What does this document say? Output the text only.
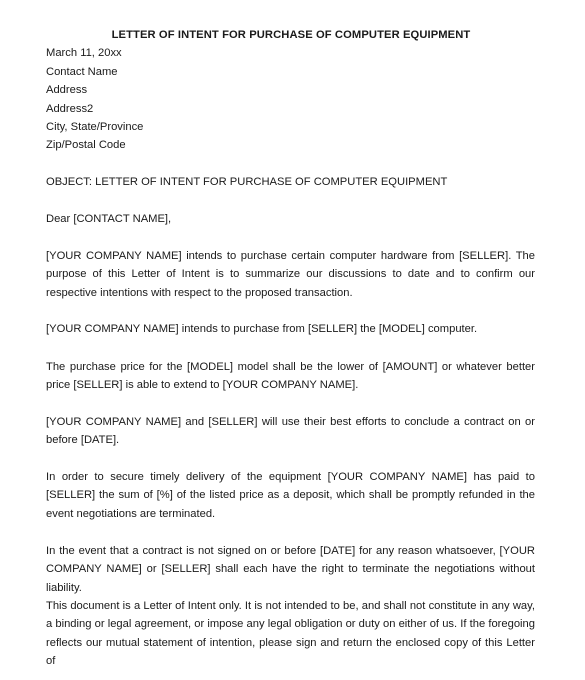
LETTER OF INTENT FOR PURCHASE OF COMPUTER EQUIPMENT
March 11, 20xx
Contact Name
Address
Address2
City, State/Province
Zip/Postal Code
OBJECT: LETTER OF INTENT FOR PURCHASE OF COMPUTER EQUIPMENT
Dear [CONTACT NAME],
[YOUR COMPANY NAME] intends to purchase certain computer hardware from [SELLER]. The purpose of this Letter of Intent is to summarize our discussions to date and to confirm our respective intentions with respect to the proposed transaction.
[YOUR COMPANY NAME] intends to purchase from [SELLER] the [MODEL] computer.
The purchase price for the [MODEL] model shall be the lower of [AMOUNT] or whatever better price [SELLER] is able to extend to [YOUR COMPANY NAME].
[YOUR COMPANY NAME] and [SELLER] will use their best efforts to conclude a contract on or before [DATE].
In order to secure timely delivery of the equipment [YOUR COMPANY NAME] has paid to [SELLER] the sum of [%] of the listed price as a deposit, which shall be promptly refunded in the event negotiations are terminated.
In the event that a contract is not signed on or before [DATE] for any reason whatsoever, [YOUR COMPANY NAME] or [SELLER] shall each have the right to terminate the negotiations without liability.
This document is a Letter of Intent only. It is not intended to be, and shall not constitute in any way, a binding or legal agreement, or impose any legal obligation or duty on either of us. If the foregoing reflects our mutual statement of intention, please sign and return the enclosed copy of this Letter of
